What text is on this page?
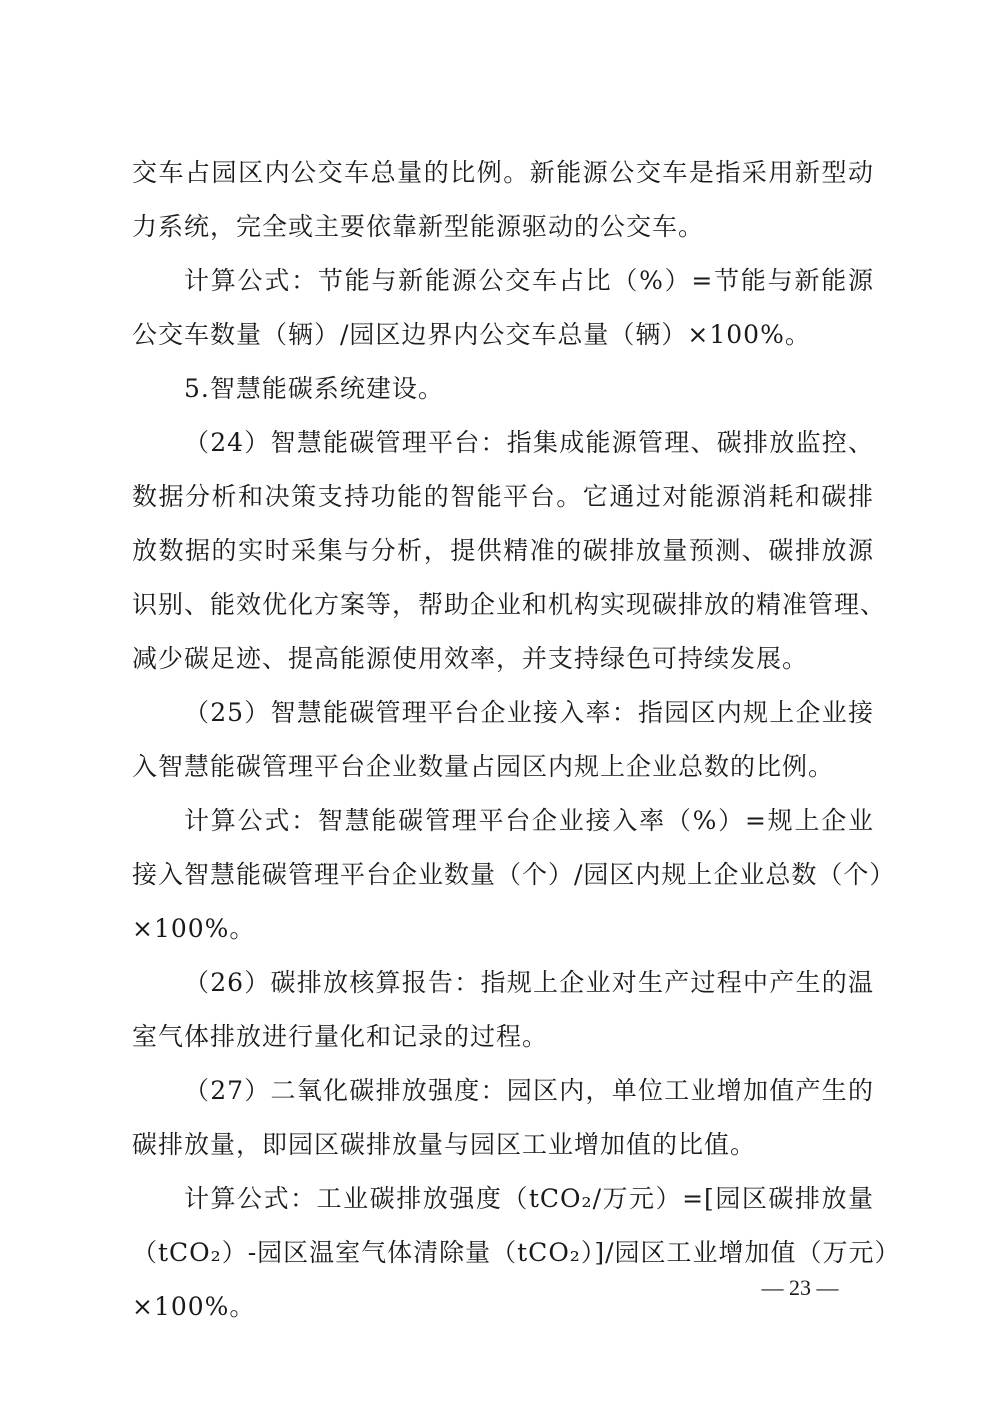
交车占园区内公交车总量的比例。新能源公交车是指采用新型动
力系统，完全或主要依靠新型能源驱动的公交车。
计算公式：节能与新能源公交车占比（%）=节能与新能源
公交车数量（辆）/园区边界内公交车总量（辆）×100%。
5.智慧能碳系统建设。
（24）智慧能碳管理平台：指集成能源管理、碳排放监控、
数据分析和决策支持功能的智能平台。它通过对能源消耗和碳排
放数据的实时采集与分析，提供精准的碳排放量预测、碳排放源
识别、能效优化方案等，帮助企业和机构实现碳排放的精准管理、
减少碳足迹、提高能源使用效率，并支持绿色可持续发展。
（25）智慧能碳管理平台企业接入率：指园区内规上企业接
入智慧能碳管理平台企业数量占园区内规上企业总数的比例。
计算公式：智慧能碳管理平台企业接入率（%）=规上企业
接入智慧能碳管理平台企业数量（个）/园区内规上企业总数（个）
×100%。
（26）碳排放核算报告：指规上企业对生产过程中产生的温
室气体排放进行量化和记录的过程。
（27）二氧化碳排放强度：园区内，单位工业增加值产生的
碳排放量，即园区碳排放量与园区工业增加值的比值。
计算公式：工业碳排放强度（tCO₂/万元）=[园区碳排放量
（tCO₂）-园区温室气体清除量（tCO₂）]/园区工业增加值（万元）
×100%。
— 23 —
